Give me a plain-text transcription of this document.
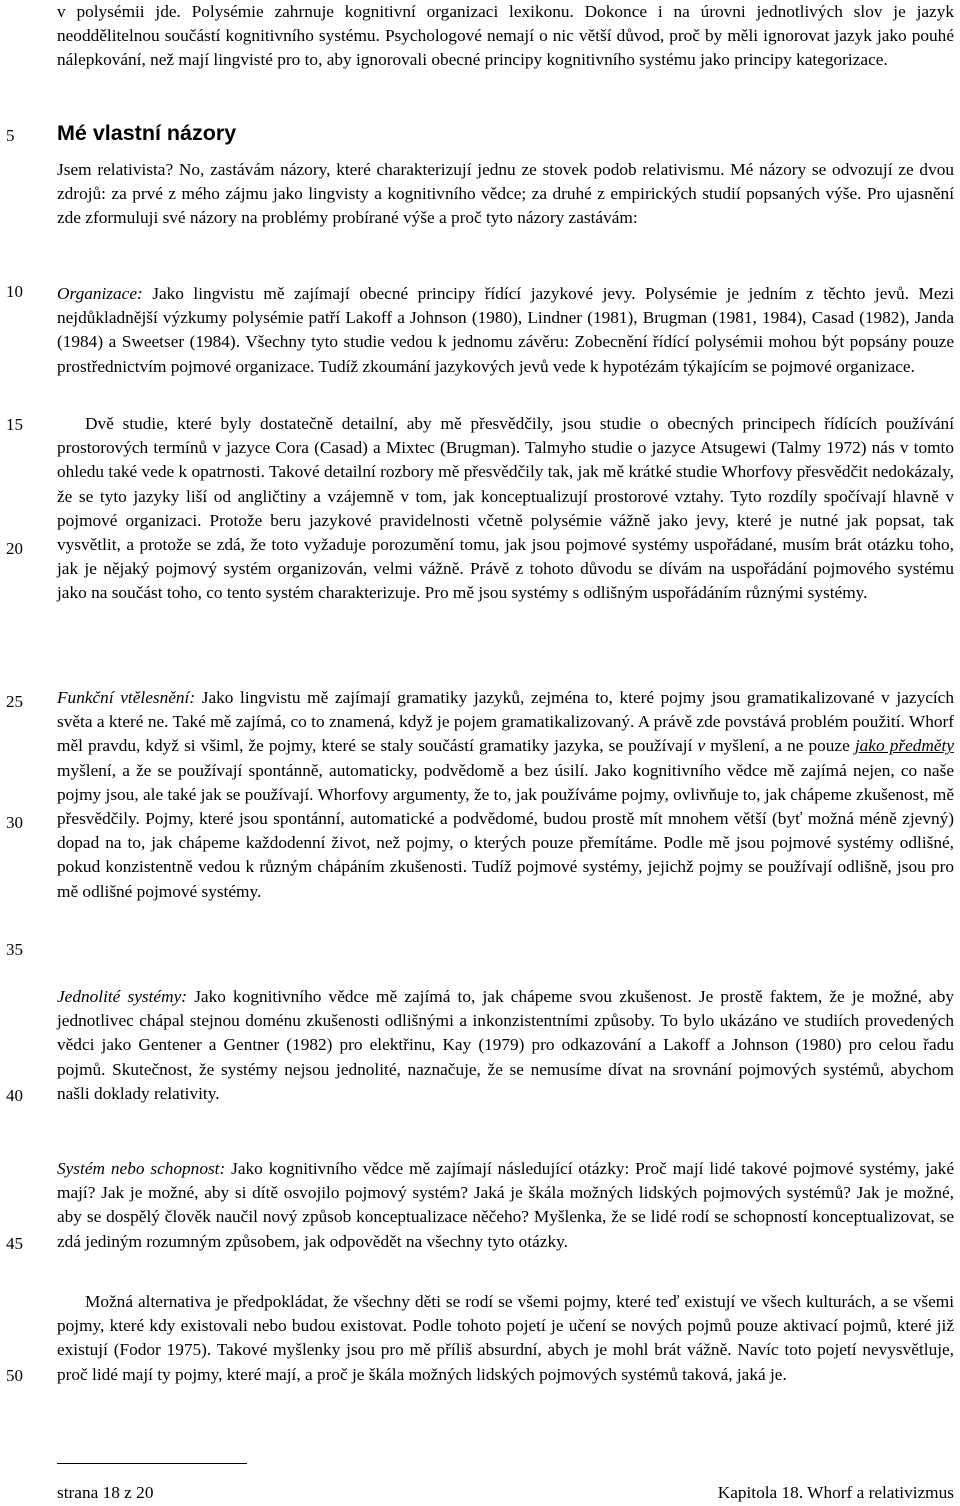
5
10
15
20
25
30
35
40
45
50

v polysémii jde. Polysémie zahrnuje kognitivní organizaci lexikonu. Dokonce i na úrovni jednotlivých slov je jazyk neoddělitelnou součástí kognitivního systému. Psychologové nemají o nic větší důvod, proč by měli ignorovat jazyk jako pouhé nálepkování, než mají lingvisté pro to, aby ignorovali obecné principy kognitivního systému jako principy kategorizace.

Mé vlastní názory

Jsem relativista? No, zastávám názory, které charakterizují jednu ze stovek podob relativismu. Mé názory se odvozují ze dvou zdrojů: za prvé z mého zájmu jako lingvisty a kognitivního vědce; za druhé z empirických studií popsaných výše. Pro ujasnění zde zformuluji své názory na problémy probírané výše a proč tyto názory zastávám:

Organizace: Jako lingvistu mě zajímají obecné principy řídící jazykové jevy. Polysémie je jedním z těchto jevů. Mezi nejdůkladnější výzkumy polysémie patří Lakoff a Johnson (1980), Lindner (1981), Brugman (1981, 1984), Casad (1982), Janda (1984) a Sweetser (1984). Všechny tyto studie vedou k jednomu závěru: Zobecnění řídící polysémii mohou být popsány pouze prostřednictvím pojmové organizace. Tudíž zkoumání jazykových jevů vede k hypotézám týkajícím se pojmové organizace.

Dvě studie, které byly dostatečně detailní, aby mě přesvědčily, jsou studie o obecných principech řídících používání prostorových termínů v jazyce Cora (Casad) a Mixtec (Brugman). Talmyho studie o jazyce Atsugewi (Talmy 1972) nás v tomto ohledu také vede k opatrnosti. Takové detailní rozbory mě přesvědčily tak, jak mě krátké studie Whorfovy přesvědčit nedokázaly, že se tyto jazyky liší od angličtiny a vzájemně v tom, jak konceptualizují prostorové vztahy. Tyto rozdíly spočívají hlavně v pojmové organizaci. Protože beru jazykové pravidelnosti včetně polysémie vážně jako jevy, které je nutné jak popsat, tak vysvětlit, a protože se zdá, že toto vyžaduje porozumění tomu, jak jsou pojmové systémy uspořádané, musím brát otázku toho, jak je nějaký pojmový systém organizován, velmi vážně. Právě z tohoto důvodu se dívám na uspořádání pojmového systému jako na součást toho, co tento systém charakterizuje. Pro mě jsou systémy s odlišným uspořádáním různými systémy.

Funkční vtělesnění: Jako lingvistu mě zajímají gramatiky jazyků, zejména to, které pojmy jsou gramatikalizované v jazycích světa a které ne. Také mě zajímá, co to znamená, když je pojem gramatikalizovaný. A právě zde povstává problém použití. Whorf měl pravdu, když si všiml, že pojmy, které se staly součástí gramatiky jazyka, se používají v myšlení, a ne pouze jako předměty myšlení, a že se používají spontánně, automaticky, podvědomě a bez úsilí. Jako kognitivního vědce mě zajímá nejen, co naše pojmy jsou, ale také jak se používají. Whorfovy argumenty, že to, jak používáme pojmy, ovlivňuje to, jak chápeme zkušenost, mě přesvědčily. Pojmy, které jsou spontánní, automatické a podvědomé, budou prostě mít mnohem větší (byť možná méně zjevný) dopad na to, jak chápeme každodenní život, než pojmy, o kterých pouze přemítáme. Podle mě jsou pojmové systémy odlišné, pokud konzistentně vedou k různým chápáním zkušenosti. Tudíž pojmové systémy, jejichž pojmy se používají odlišně, jsou pro mě odlišné pojmové systémy.

Jednolité systémy: Jako kognitivního vědce mě zajímá to, jak chápeme svou zkušenost. Je prostě faktem, že je možné, aby jednotlivec chápal stejnou doménu zkušenosti odlišnými a inkonzistentními způsoby. To bylo ukázáno ve studiích provedených vědci jako Gentener a Gentner (1982) pro elektřinu, Kay (1979) pro odkazování a Lakoff a Johnson (1980) pro celou řadu pojmů. Skutečnost, že systémy nejsou jednolité, naznačuje, že se nemusíme dívat na srovnání pojmových systémů, abychom našli doklady relativity.

Systém nebo schopnost: Jako kognitivního vědce mě zajímají následující otázky: Proč mají lidé takové pojmové systémy, jaké mají? Jak je možné, aby si dítě osvojilo pojmový systém? Jaká je škála možných lidských pojmových systémů? Jak je možné, aby se dospělý člověk naučil nový způsob konceptualizace něčeho? Myšlenka, že se lidé rodí se schopností konceptualizovat, se zdá jediným rozumným způsobem, jak odpovědět na všechny tyto otázky.

Možná alternativa je předpokládat, že všechny děti se rodí se všemi pojmy, které teď existují ve všech kulturách, a se všemi pojmy, které kdy existovali nebo budou existovat. Podle tohoto pojetí je učení se nových pojmů pouze aktivací pojmů, které již existují (Fodor 1975). Takové myšlenky jsou pro mě příliš absurdní, abych je mohl brát vážně. Navíc toto pojetí nevysvětluje, proč lidé mají ty pojmy, které mají, a proč je škála možných lidských pojmových systémů taková, jaká je.

strana 18 z 20	Kapitola 18. Whorf a relativizmus
